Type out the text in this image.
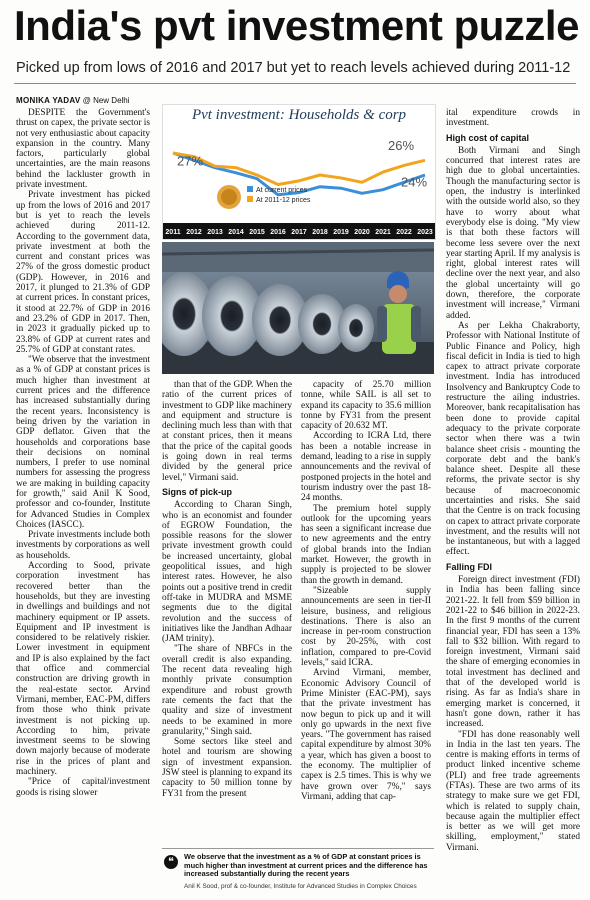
India's pvt investment puzzle
Picked up from lows of 2016 and 2017 but yet to reach levels achieved during 2011-12
MONIKA YADAV @ New Delhi

DESPITE the Government's thrust on capex, the private sector is not very enthusiastic about capacity expansion in the country. Many factors, particularly global uncertainties, are the main reasons behind the lackluster growth in private investment.

Private investment has picked up from the lows of 2016 and 2017 but is yet to reach the levels achieved during 2011-12. According to the government data, private investment at both the current and constant prices was 27% of the gross domestic product (GDP). However, in 2016 and 2017, it plunged to 21.3% of GDP at current prices. In constant prices, it stood at 22.7% of GDP in 2016 and 23.2% of GDP in 2017. Then, in 2023 it gradually picked up to 23.8% of GDP at current rates and 25.7% of GDP at constant rates.

"We observe that the investment as a % of GDP at constant prices is much higher than investment at current prices and the difference has increased substantially during the recent years. Inconsistency is being driven by the variation in GDP deflator. Given that the households and corporations base their decisions on nominal numbers, I prefer to use nominal numbers for assessing the progress we are making in building capacity for growth," said Anil K Sood, professor and co-founder, Institute for Advanced Studies in Complex Choices (IASCC).

Private investments include both investments by corporations as well as households.

According to Sood, private corporation investment has recovered better than the households, but they are investing in dwellings and buildings and not machinery equipment or IP assets. Equipment and IP investment is considered to be relatively riskier. Lower investment in equipment and IP is also explained by the fact that office and commercial construction are driving growth in the real-estate sector. Arvind Virmani, member, EAC-PM, differs from those who think private investment is not picking up. According to him, private investment seems to be slowing down majorly because of moderate rise in the prices of plant and machinery.

"Price of capital/investment goods is rising slower

Pvt investment: Households & corp
27%
26%
24%
At current prices
At 2011-12 prices
2011 2012 2013 2014 2015 2016 2017 2018 2019 2020 2021 2022 2023

than that of the GDP. When the ratio of the current prices of investment to GDP like machinery and equipment and structure is declining much less than with that at constant prices, then it means that the price of the capital goods is going down in real terms divided by the general price level," Virmani said.

Signs of pick-up

According to Charan Singh, who is an economist and founder of EGROW Foundation, the possible reasons for the slower private investment growth could be increased uncertainty, global geopolitical issues, and high interest rates. However, he also points out a positive trend in credit off-take in MUDRA and MSME segments due to the digital revolution and the success of initiatives like the Jandhan Adhaar (JAM trinity).

"The share of NBFCs in the overall credit is also expanding. The recent data revealing high monthly private consumption expenditure and robust growth rate cements the fact that the quality and size of investment needs to be examined in more granularity," Singh said.

Some sectors like steel and hotel and tourism are showing sign of investment expansion. JSW steel is planning to expand its capacity to 50 million tonne by FY31 from the present

capacity of 25.70 million tonne, while SAIL is all set to expand its capacity to 35.6 million tonne by FY31 from the present capacity of 20.632 MT.

According to ICRA Ltd, there has been a notable increase in demand, leading to a rise in supply announcements and the revival of postponed projects in the hotel and tourism industry over the past 18-24 months.

The premium hotel supply outlook for the upcoming years has seen a significant increase due to new agreements and the entry of global brands into the Indian market. However, the growth in supply is projected to be slower than the growth in demand.

"Sizeable supply announcements are seen in tier-II leisure, business, and religious destinations. There is also an increase in per-room construction cost by 20-25%, with cost inflation, compared to pre-Covid levels," said ICRA.

Arvind Virmani, member, Economic Advisory Council of Prime Minister (EAC-PM), says that the private investment has now begun to pick up and it will only go upwards in the next five years. "The government has raised capital expenditure by almost 30% a year, which has given a boost to the economy. The multiplier of capex is 2.5 times. This is why we have grown over 7%," says Virmani, adding that cap-

❝	We observe that the investment as a % of GDP at constant prices is much higher than investment at current prices and the difference has increased substantially during the recent years
Anil K Sood, prof & co-founder, Institute for Advanced Studies in Complex Choices

ital expenditure crowds in investment.

High cost of capital

Both Virmani and Singh concurred that interest rates are high due to global uncertainties. Though the manufacturing sector is open, the industry is interlinked with the outside world also, so they have to worry about what everybody else is doing. "My view is that both these factors will become less severe over the next year starting April. If my analysis is right, global interest rates will decline over the next year, and also the global uncertainty will go down, therefore, the corporate investment will increase," Virmani added.

As per Lekha Chakraborty, Professor with National Institute of Public Finance and Policy, high fiscal deficit in India is tied to high capex to attract private corporate investment. India has introduced Insolvency and Bankruptcy Code to restructure the ailing industries. Moreover, bank recapitalisation has been done to provide capital adequacy to the private corporate sector when there was a twin balance sheet crisis - mounting the corporate debt and the bank's balance sheet. Despite all these reforms, the private sector is shy because of macroeconomic uncertainties and risks. She said that the Centre is on track focusing on capex to attract private corporate investment, and the results will not be instantaneous, but with a lagged effect.

Falling FDI

Foreign direct investment (FDI) in India has been falling since 2021-22. It fell from $59 billion in 2021-22 to $46 billion in 2022-23. In the first 9 months of the current financial year, FDI has seen a 13% fall to $32 billion. With regard to foreign investment, Virmani said the share of emerging economies in total investment has declined and that of the developed world is rising. As far as India's share in emerging market is concerned, it hasn't gone down, rather it has increased.

"FDI has done reasonably well in India in the last ten years. The centre is making efforts in terms of product linked incentive scheme (PLI) and free trade agreements (FTAs). These are two arms of its strategy to make sure we get FDI, which is related to supply chain, because again the multiplier effect is better as we will get more skilling, employment," stated Virmani.
